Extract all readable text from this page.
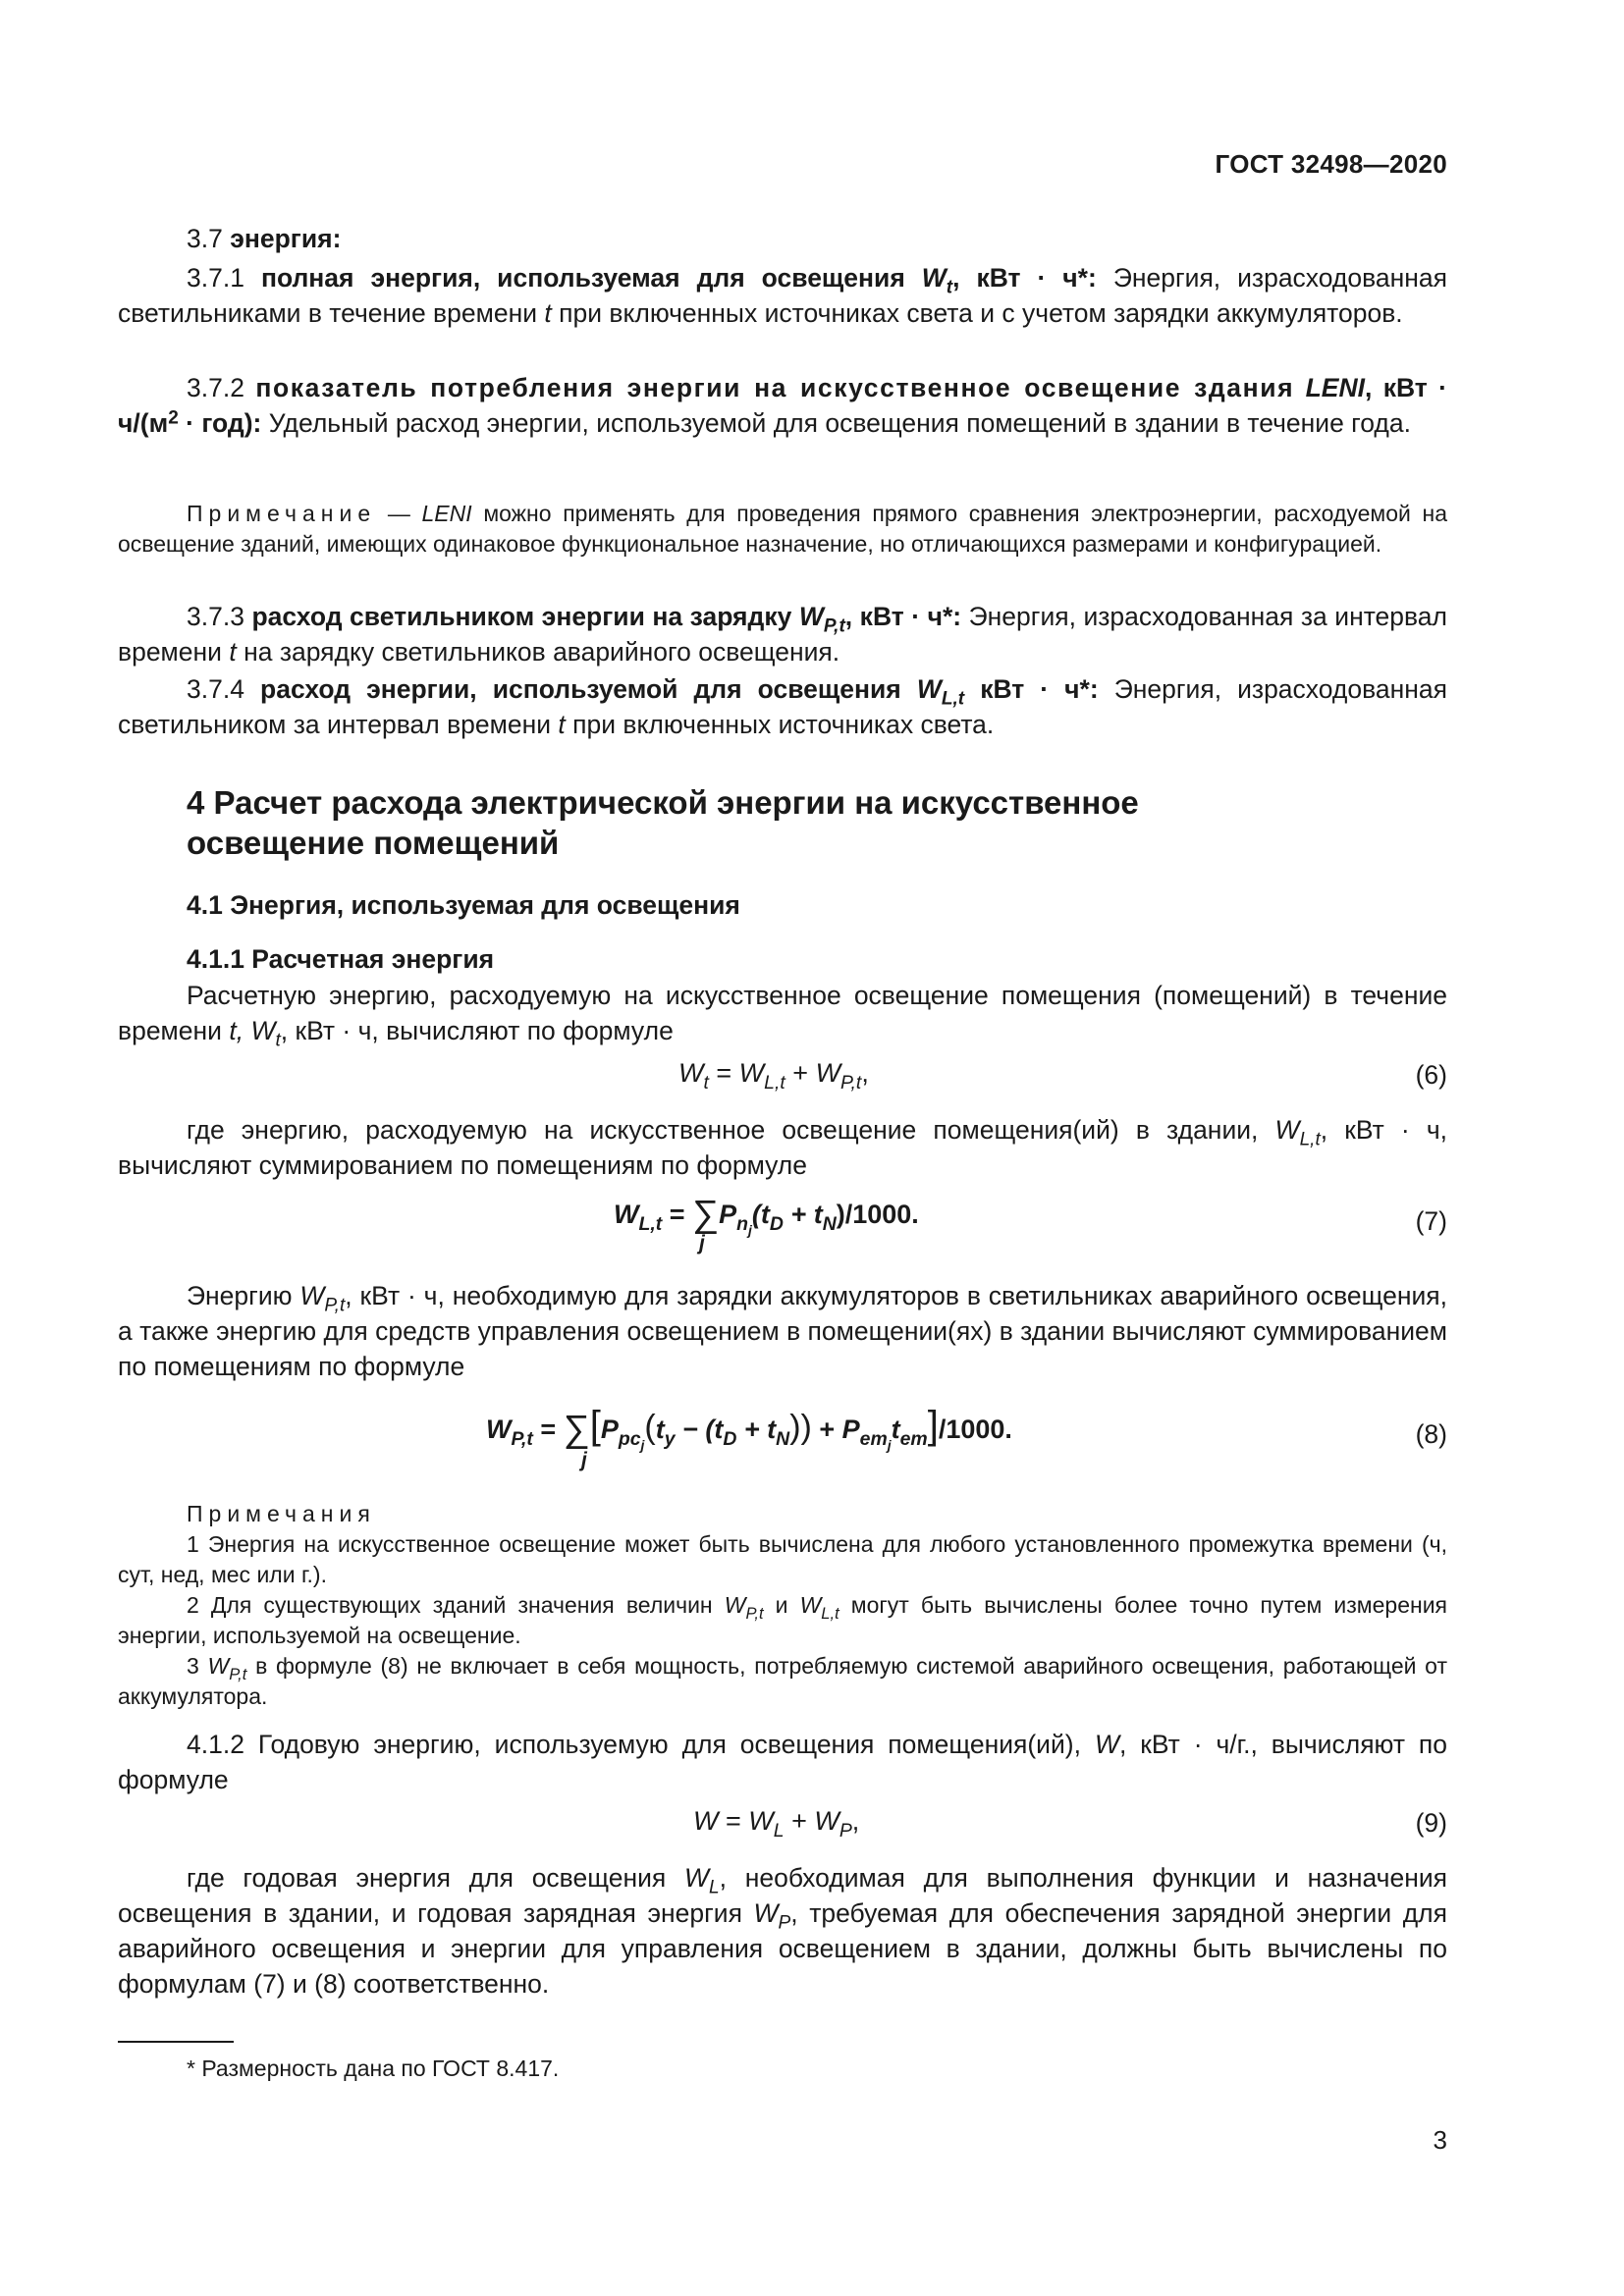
ГОСТ 32498—2020

3.7 энергия:

3.7.1 полная энергия, используемая для освещения $W_t$, кВт · ч*: Энергия, израсходованная светильниками в течение времени t при включенных источниках света и с учетом зарядки аккумуляторов.

3.7.2 показатель потребления энергии на искусственное освещение здания LENI, кВт · $ч/(м^2 \cdot год)$: Удельный расход энергии, используемой для освещения помещений в здании в течение года.

Примечание — LENI можно применять для проведения прямого сравнения электроэнергии, расходуемой на освещение зданий, имеющих одинаковое функциональное назначение, но отличающихся размерами и конфигурацией.

3.7.3 расход светильником энергии на зарядку $W_{P,t}$, кВт · ч*: Энергия, израсходованная за интервал времени t на зарядку светильников аварийного освещения.

3.7.4 расход энергии, используемой для освещения $W_{L,t}$ кВт · ч*: Энергия, израсходованная светильником за интервал времени t при включенных источниках света.

4 Расчет расхода электрической энергии на искусственное
освещение помещений
4.1 Энергия, используемая для освещения
4.1.1 Расчетная энергия

Расчетную энергию, расходуемую на искусственное освещение помещения (помещений) в течение времени t, $W_t$, кВт · ч, вычисляют по формуле

$W_t = W_{L,t} + W_{P,t}$,	(6)

где энергию, расходуемую на искусственное освещение помещения(ий) в здании, $W_{L,t}$, кВт · ч, вычисляют суммированием по помещениям по формуле

$W_{L,t} = \sum P_{n_j}(t_D + t_N)/1000$.
j
(7)

Энергию $W_{P,t}$, кВт · ч, необходимую для зарядки аккумуляторов в светильниках аварийного освещения, а также энергию для средств управления освещением в помещении(ях) в здании вычисляют суммированием по помещениям по формуле

$W_{P,t} = \sum[P_{pc_j}(t_y - (t_D + t_N)) + P_{em_j}t_{em}]/1000$.
j
(8)

Примечания

1 Энергия на искусственное освещение может быть вычислена для любого установленного промежутка времени (ч, сут, нед, мес или г.).

2 Для существующих зданий значения величин $W_{P,t}$ и $W_{L,t}$ могут быть вычислены более точно путем измерения энергии, используемой на освещение.

3 $W_{P,t}$ в формуле (8) не включает в себя мощность, потребляемую системой аварийного освещения, работающей от аккумулятора.

4.1.2 Годовую энергию, используемую для освещения помещения(ий), W, кВт · ч/г., вычисляют по формуле

$W = W_L + W_P$,	(9)

где годовая энергия для освещения $W_L$, необходимая для выполнения функции и назначения освещения в здании, и годовая зарядная энергия $W_P$, требуемая для обеспечения зарядной энергии для аварийного освещения и энергии для управления освещением в здании, должны быть вычислены по формулам (7) и (8) соответственно.

* Размерность дана по ГОСТ 8.417.
3
